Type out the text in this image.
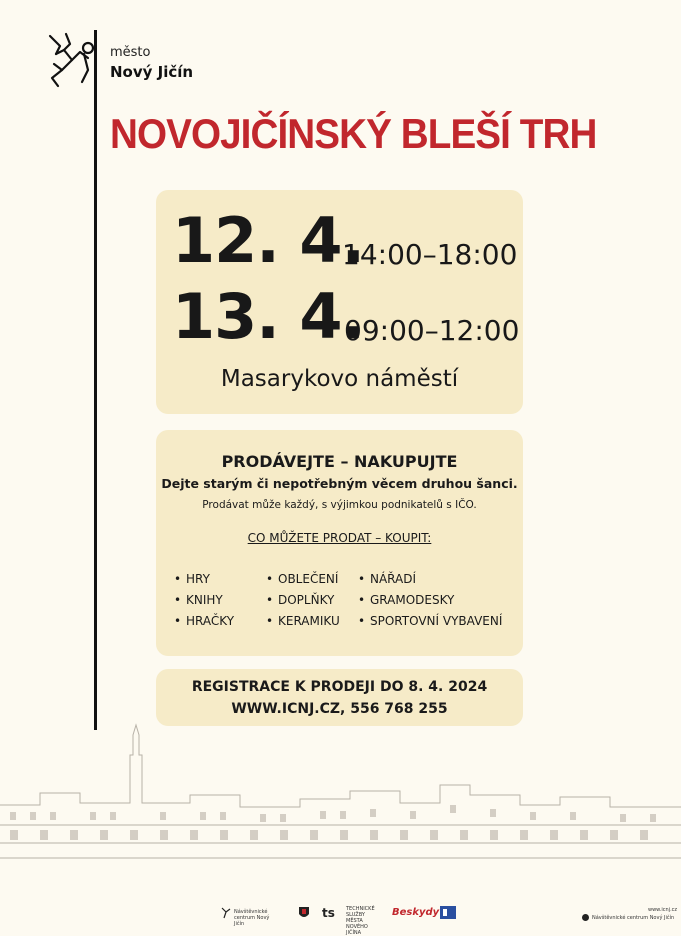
město
Nový Jičín
NOVOJIČÍNSKÝ BLEŠÍ TRH
12. 4.
14:00–18:00
13. 4.
09:00–12:00
Masarykovo náměstí
PRODÁVEJTE – NAKUPUJTE
Dejte starým či nepotřebným věcem druhou šanci.
Prodávat může každý, s výjimkou podnikatelů s IČO.
CO MŮŽETE PRODAT – KOUPIT:
• HRY
• KNIHY
• HRAČKY
• OBLEČENÍ
• DOPLŇKY
• KERAMIKU
• NÁŘADÍ
• GRAMODESKY
• SPORTOVNÍ VYBAVENÍ
REGISTRACE K PRODEJI DO 8. 4. 2024
WWW.ICNJ.CZ, 556 768 255
Návštěvnické centrum Nový Jičín
ts TECHNICKÉ SLUŽBY MĚSTA NOVÉHO JIČÍNA
Beskydy	www.icnj.cz
Návštěvnické centrum Nový Jičín
